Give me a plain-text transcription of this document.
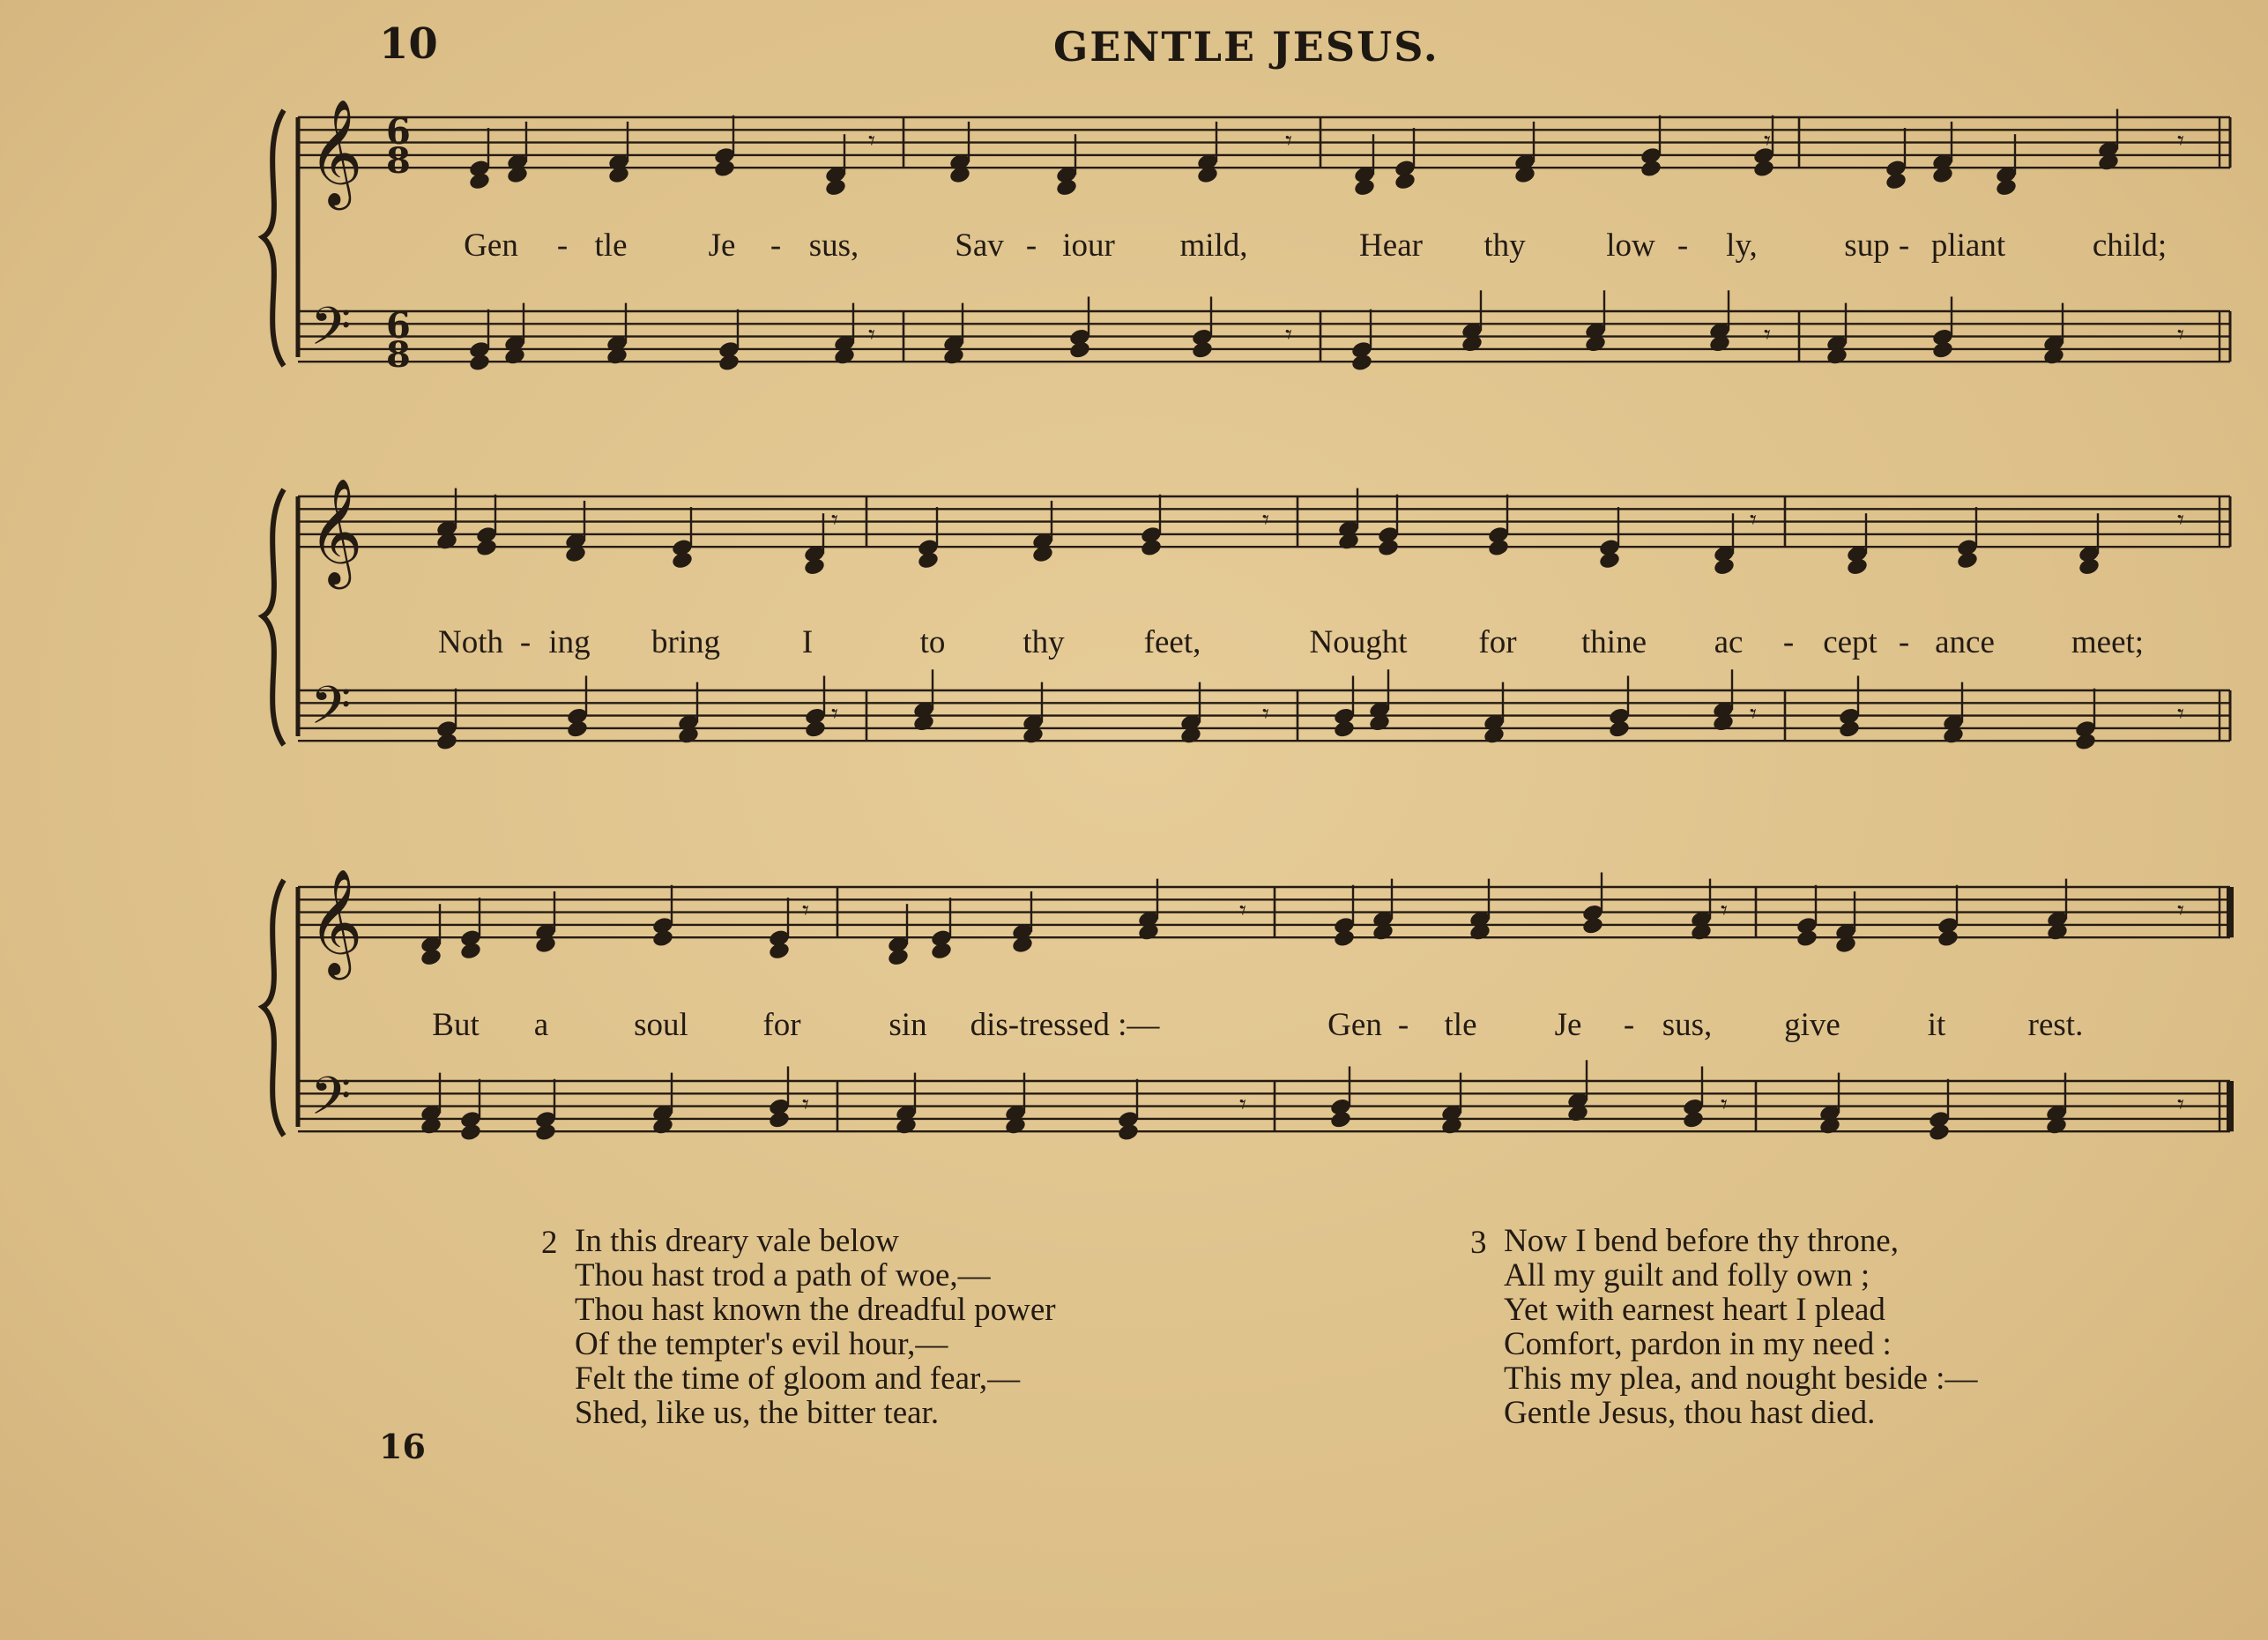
10	GENTLE JESUS.
𝄞
𝄢
6
8
6
8
𝄾
𝄾
𝄾
𝄾
𝄾
𝄾
𝄾
𝄾
Gen - tle Je - sus,	Sav - iour mild,	Hear thy low - ly,	sup - pliant	child;
𝄞
𝄢
𝄾
𝄾
𝄾
𝄾
𝄾
𝄾
𝄾
𝄾
Noth - ing bring	I	to thy feet,	Nought for thine ac - cept - ance meet;
𝄞
𝄢
𝄾
𝄾
𝄾
𝄾
𝄾
𝄾
𝄾
𝄾
But a	soul for	sin dis-tressed :—	Gen - tle Je - sus, give	it	rest.
2 In this dreary vale below
Thou hast trod a path of woe,—
Thou hast known the dreadful power
Of the tempter's evil hour,—
Felt the time of gloom and fear,—
Shed, like us, the bitter tear.
3 Now I bend before thy throne,
All my guilt and folly own ;
Yet with earnest heart I plead
Comfort, pardon in my need :
This my plea, and nought beside :—
Gentle Jesus, thou hast died.
16
